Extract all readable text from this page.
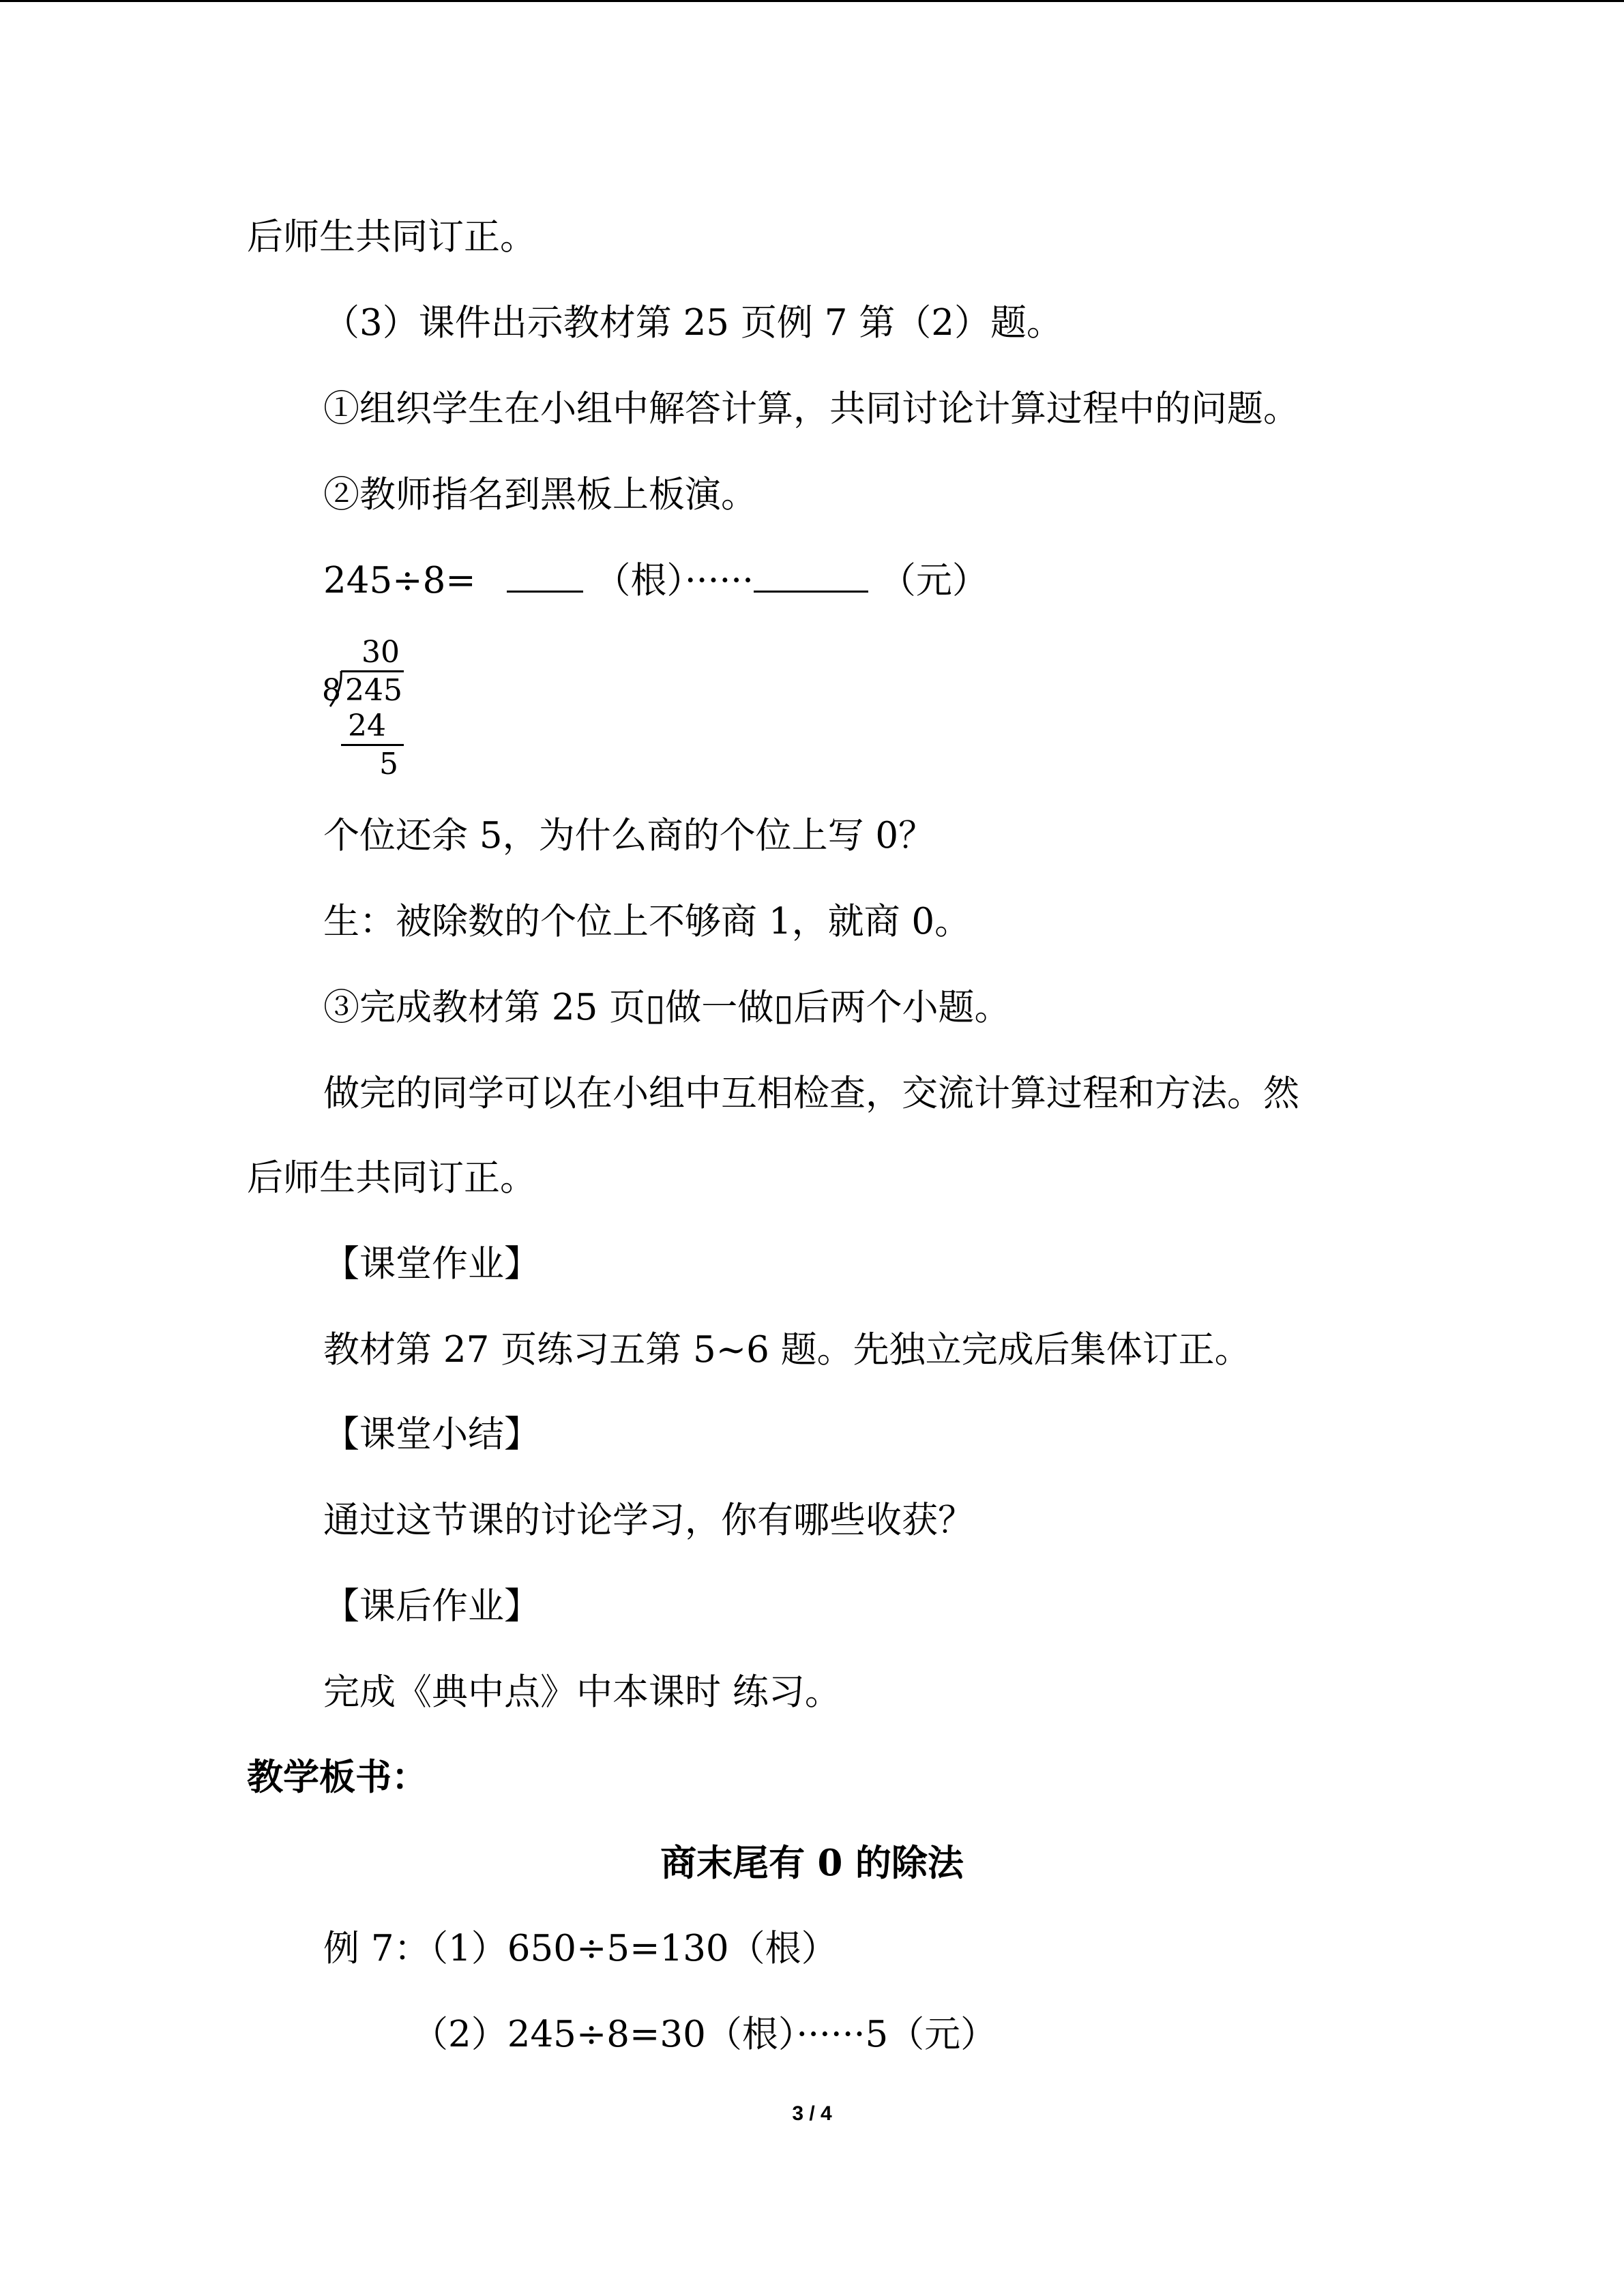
后师生共同订正。
（3）课件出示教材第 25 页例 7 第（2）题。
①组织学生在小组中解答计算，共同讨论计算过程中的问题。
②教师指名到黑板上板演。
245÷8=	（根）······	（元）
30
8 245
24
5
个位还余 5，为什么商的个位上写 0？
生：被除数的个位上不够商 1，就商 0。
③完成教材第 25 页▯做一做▯后两个小题。
做完的同学可以在小组中互相检查，交流计算过程和方法。然
后师生共同订正。
【课堂作业】
教材第 27 页练习五第 5~6 题。先独立完成后集体订正。
【课堂小结】
通过这节课的讨论学习，你有哪些收获？
【课后作业】
完成《典中点》中本课时 练习。
教学板书：
商末尾有 0 的除法
例 7：（1）650÷5=130（根）
（2）245÷8=30（根）······5（元）
3 / 4
